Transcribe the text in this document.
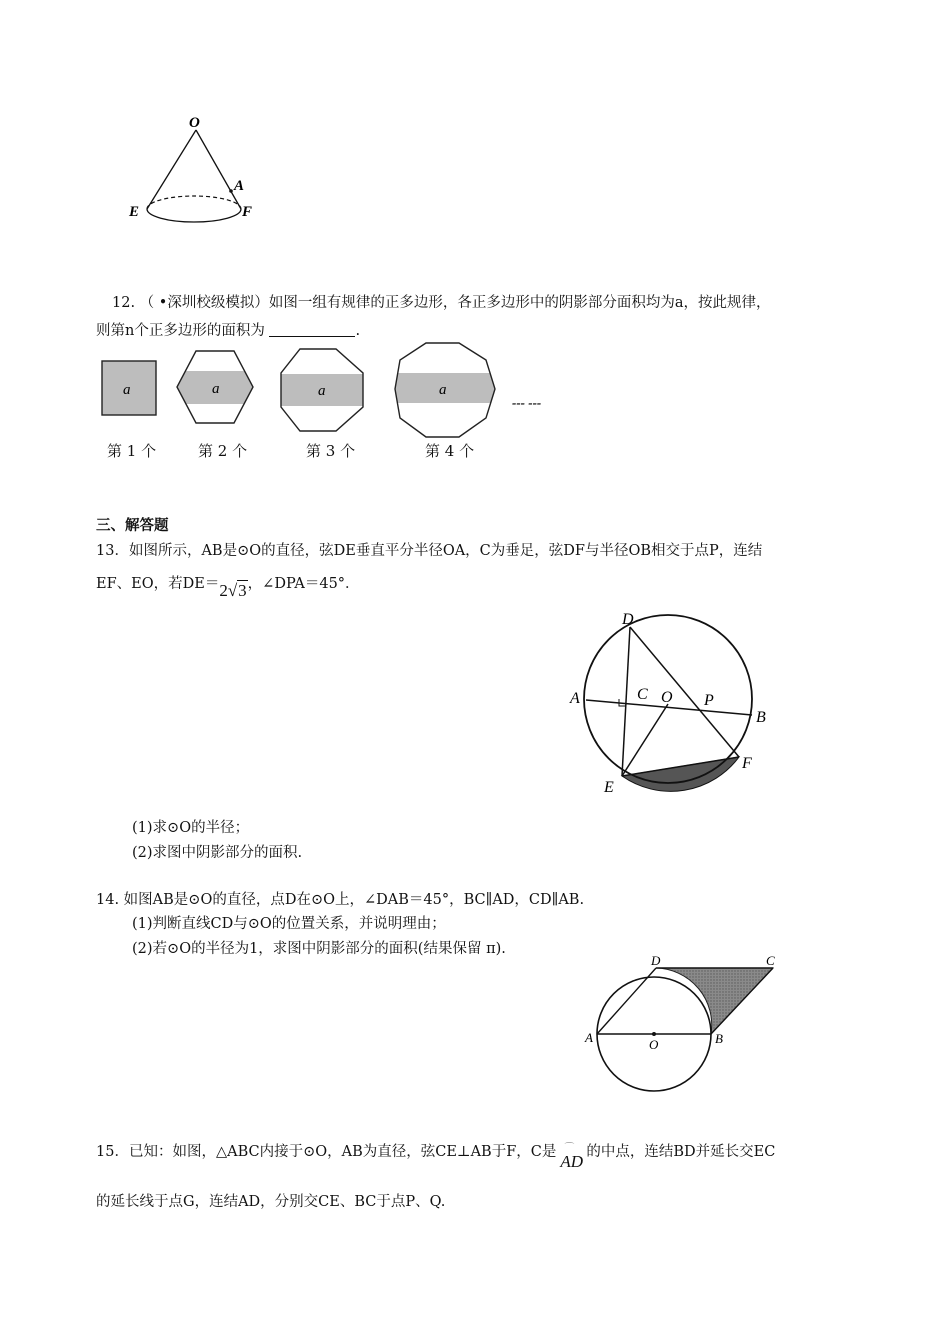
O
A
E	F
12. （ •深圳校级模拟）如图一组有规律的正多边形，各正多边形中的阴影部分面积均为a，按此规律，
则第n个正多边形的面积为	.
a	a	a	a
--- ---
第 1 个	第 2 个	第 3 个	第 4 个
三、解答题
13．如图所示，AB是⊙O的直径，弦DE垂直平分半径OA，C为垂足，弦DF与半径OB相交于点P，连结
EF、EO，若DE＝2√3，∠DPA＝45°．
D
A	C O P
B
E
F
(1)求⊙O的半径；
(2)求图中阴影部分的面积.
14. 如图AB是⊙O的直径，点D在⊙O上，∠DAB＝45°，BC∥AD，CD∥AB.
(1)判断直线CD与⊙O的位置关系，并说明理由；
(2)若⊙O的半径为1，求图中阴影部分的面积(结果保留 π).
D	C
A	O	B
15．已知：如图，△ABC内接于⊙O，AB为直径，弦CE⊥AB于F，C是 ⌒
AD 的中点，连结BD并延长交EC
的延长线于点G，连结AD，分别交CE、BC于点P、Q.
